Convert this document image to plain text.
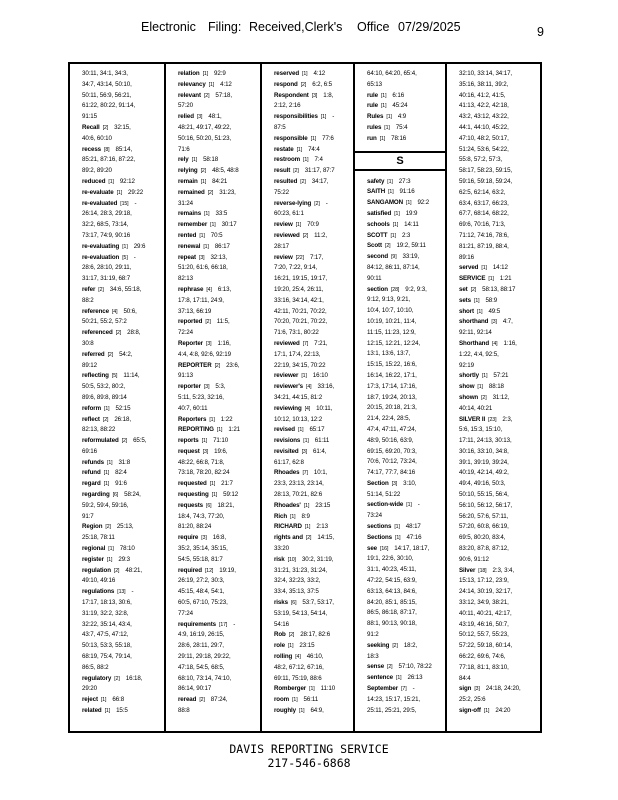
Electronic Filing: Received,Clerk's Office 07/29/2025	9
30:11, 34:1, 34:3,
34:7, 43:14, 50:10,
50:11, 56:9, 56:21,
61:22, 80:22, 91:14,
91:15
Recall [2] 32:15,
40:6, 60:10
recess [8] 85:14,
85:21, 87:16, 87:22,
89:2, 89:20
reduced [1] 92:12
re-evaluate [1] 29:22
re-evaluated [15] -
26:14, 28:3, 29:18,
32:2, 68:5, 73:14,
73:17, 74:9, 90:16
re-evaluating [1] 29:6
re-evaluation [5] -
28:6, 28:10, 29:11,
31:17, 31:19, 68:7
refer [2] 34:6, 55:18,
88:2
reference [4] 50:6,
50:21, 55:2, 57:2
referenced [2] 28:8,
30:8
referred [2] 54:2,
89:12
reflecting [5] 11:14,
50:5, 53:2, 80:2,
89:6, 89:8, 89:14
reform [1] 52:15
reflect [2] 26:18,
82:13, 88:22
reformulated [2] 65:5,
69:16
refunds [1] 31:8
refund [1] 82:4
regard [1] 91:6
regarding [6] 58:24,
59:2, 59:4, 59:16,
91:7
Region [2] 25:13,
25:18, 78:11
regional [1] 78:10
register [1] 29:3
regulation [2] 48:21,
49:10, 49:16
regulations [13] -
17:17, 18:13, 30:6,
31:19, 32:2, 32:8,
32:22, 35:14, 43:4,
43:7, 47:5, 47:12,
50:13, 53:3, 55:18,
68:19, 75:4, 79:14,
86:5, 88:2
regulatory [2] 16:18,
29:20
reject [1] 66:8
related [1] 15:5
relation [1] 92:9
relevancy [1] 4:12
relevant [2] 57:18,
57:20
relied [3] 48:1,
48:21, 49:17, 49:22,
50:16, 50:20, 51:23,
71:6
rely [1] 58:18
relying [2] 48:5, 48:8
remain [1] 84:21
remained [2] 31:23,
31:24
remains [1] 33:5
remember [1] 30:17
rented [1] 70:5
renewal [1] 86:17
repeat [3] 32:13,
51:20, 61:6, 66:18,
82:13
rephrase [4] 6:13,
17:8, 17:11, 24:9,
37:13, 66:19
reported [2] 11:5,
72:24
Reporter [3] 1:16,
4:4, 4:8, 92:6, 92:19
REPORTER [2] 23:6,
91:13
reporter [3] 5:3,
5:11, 5:23, 32:16,
40:7, 60:11
Reporters [1] 1:22
REPORTING [1] 1:21
reports [1] 71:10
request [3] 19:6,
48:22, 66:8, 71:8,
73:18, 78:20, 82:24
requested [1] 21:7
requesting [1] 59:12
requests [6] 18:21,
18:4, 74:3, 77:20,
81:20, 88:24
require [3] 16:8,
35:2, 35:14, 35:15,
54:5, 55:18, 81:7
required [12] 19:19,
26:19, 27:2, 30:3,
45:15, 48:4, 54:1,
60:5, 67:10, 75:23,
77:24
requirements [17] -
4:9, 16:19, 26:15,
28:6, 28:11, 29:7,
29:11, 29:18, 29:22,
47:18, 54:5, 68:5,
68:10, 73:14, 74:10,
86:14, 90:17
reread [2] 87:24,
88:8
reserved [1] 4:12
respond [2] 6:2, 6:5
Respondent [3] 1:8,
2:12, 2:16
responsibilities [1] -
87:5
responsible [1] 77:6
restate [1] 74:4
restroom [1] 7:4
result [2] 31:17, 87:7
resulted [2] 34:17,
75:22
reverse-lying [2] -
60:23, 61:1
review [1] 70:9
reviewed [2] 11:2,
28:17
review [22] 7:17,
7:20, 7:22, 9:14,
16:21, 19:15, 19:17,
19:20, 25:4, 26:11,
33:16, 34:14, 42:1,
42:11, 70:21, 70:22,
70:20, 70:21, 70:22,
71:6, 73:1, 80:22
reviewed [7] 7:21,
17:1, 17:4, 22:13,
22:19, 34:15, 70:22
reviewer [1] 16:10
reviewer's [4] 33:16,
34:21, 44:15, 81:2
reviewing [4] 10:11,
10:12, 10:13, 12:2
revised [1] 65:17
revisions [1] 61:11
revisited [3] 61:4,
61:17, 62:8
Rhoades [7] 10:1,
23:3, 23:13, 23:14,
28:13, 70:21, 82:6
Rhoades' [1] 23:15
Rich [1] 8:9
RICHARD [1] 2:13
rights and [2] 14:15,
33:20
risk [10] 30:2, 31:19,
31:21, 31:23, 31:24,
32:4, 32:23, 33:2,
33:4, 35:13, 37:5
risks [6] 53:7, 53:17,
53:19, 54:13, 54:14,
54:16
Rob [2] 28:17, 82:6
role [1] 23:15
rolling [4] 46:10,
48:2, 67:12, 67:16,
69:11, 75:19, 88:6
Romberger [1] 11:10
room [1] 56:11
roughly [1] 64:9,
64:10, 64:20, 65:4,
65:13
rule [1] 6:16
rule [1] 45:24
Rules [1] 4:9
rules [1] 75:4
run [1] 78:16
S
safety [1] 27:3
SAITH [1] 91:16
SANGAMON [1] 92:2
satisfied [1] 19:9
schools [1] 14:11
SCOTT [1] 2:3
Scott [2] 19:2, 59:11
second [9] 33:19,
84:12, 86:11, 87:14,
90:11
section [28] 9:2, 9:3,
9:12, 9:13, 9:21,
10:4, 10:7, 10:10,
10:19, 10:21, 11:4,
11:15, 11:23, 12:9,
12:15, 12:21, 12:24,
13:1, 13:6, 13:7,
15:15, 15:22, 16:6,
16:14, 16:22, 17:1,
17:3, 17:14, 17:16,
18:7, 19:24, 20:13,
20:15, 20:18, 21:3,
21:4, 22:4, 28:5,
47:4, 47:11, 47:24,
48:9, 50:16, 63:9,
69:15, 69:20, 70:3,
70:6, 70:12, 73:24,
74:17, 77:7, 84:16
Section [3] 3:10,
51:14, 51:22
section-wide [1] -
73:24
sections [1] 48:17
Sections [1] 47:16
see [16] 14:17, 18:17,
19:1, 22:6, 30:10,
31:1, 40:23, 45:11,
47:22, 54:15, 63:9,
63:13, 64:13, 84:6,
84:20, 85:1, 85:15,
86:5, 86:18, 87:17,
88:1, 90:13, 90:18,
91:2
seeking [2] 18:2,
18:3
sense [2] 57:10, 78:22
sentence [1] 26:13
September [7] -
14:23, 15:17, 15:21,
25:11, 25:21, 29:5,
32:10, 33:14, 34:17,
35:16, 38:11, 39:2,
40:16, 41:2, 41:5,
41:13, 42:2, 42:18,
43:2, 43:12, 43:22,
44:1, 44:10, 45:22,
47:10, 48:2, 50:17,
51:24, 53:6, 54:22,
55:8, 57:2, 57:3,
58:17, 58:23, 59:15,
59:16, 59:18, 59:24,
62:5, 62:14, 63:2,
63:4, 63:17, 66:23,
67:7, 68:14, 68:22,
69:6, 70:16, 71:3,
71:12, 74:16, 78:6,
81:21, 87:19, 88:4,
89:16
served [1] 14:12
SERVICE [1] 1:21
set [2] 58:13, 88:17
sets [1] 58:9
short [1] 49:5
shorthand [3] 4:7,
92:11, 92:14
Shorthand [4] 1:16,
1:22, 4:4, 92:5,
92:19
shortly [1] 57:21
show [1] 88:18
shown [2] 31:12,
40:14, 40:21
SILVER II [23] 2:3,
5:6, 15:3, 15:10,
17:11, 24:13, 30:13,
30:16, 33:10, 34:8,
39:1, 39:19, 39:24,
40:19, 42:14, 49:2,
49:4, 49:16, 50:3,
50:10, 55:15, 56:4,
56:10, 56:12, 56:17,
56:20, 57:6, 57:11,
57:20, 60:8, 66:19,
69:5, 80:20, 83:4,
83:20, 87:8, 87:12,
90:6, 91:12
Silver [18] 2:3, 3:4,
15:13, 17:12, 23:9,
24:14, 30:19, 32:17,
33:12, 34:9, 38:21,
40:11, 40:21, 42:17,
43:19, 46:16, 50:7,
50:12, 55:7, 55:23,
57:22, 59:18, 60:14,
66:22, 69:6, 74:6,
77:18, 81:1, 83:10,
84:4
sign [3] 24:18, 24:20,
25:2, 25:6
sign-off [1] 24:20
DAVIS REPORTING SERVICE
217-546-6868
